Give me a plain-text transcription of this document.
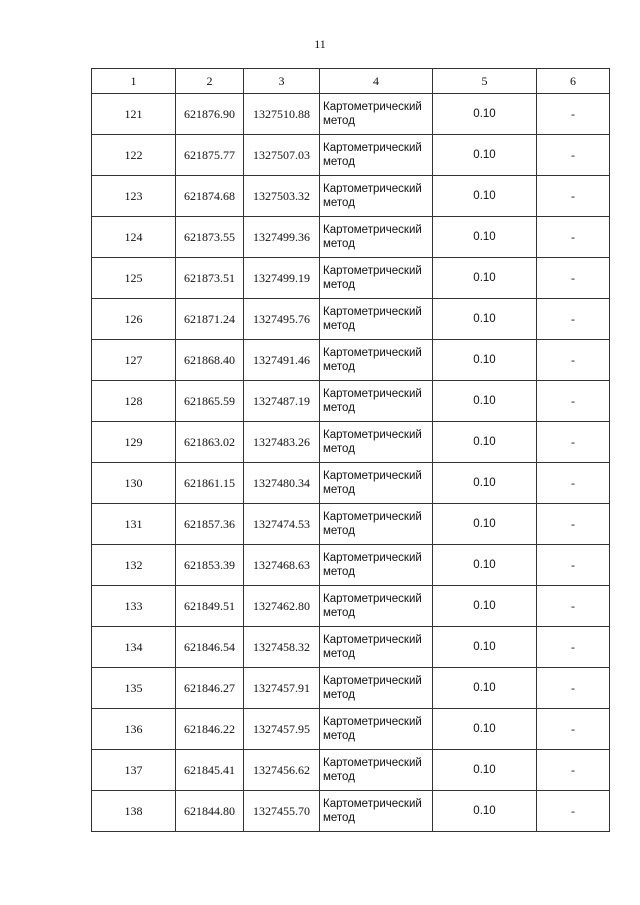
11
1	2	3	4	5	6
121	621876.90	1327510.88	Картометрический метод	0.10	-
122	621875.77	1327507.03	Картометрический метод	0.10	-
123	621874.68	1327503.32	Картометрический метод	0.10	-
124	621873.55	1327499.36	Картометрический метод	0.10	-
125	621873.51	1327499.19	Картометрический метод	0.10	-
126	621871.24	1327495.76	Картометрический метод	0.10	-
127	621868.40	1327491.46	Картометрический метод	0.10	-
128	621865.59	1327487.19	Картометрический метод	0.10	-
129	621863.02	1327483.26	Картометрический метод	0.10	-
130	621861.15	1327480.34	Картометрический метод	0.10	-
131	621857.36	1327474.53	Картометрический метод	0.10	-
132	621853.39	1327468.63	Картометрический метод	0.10	-
133	621849.51	1327462.80	Картометрический метод	0.10	-
134	621846.54	1327458.32	Картометрический метод	0.10	-
135	621846.27	1327457.91	Картометрический метод	0.10	-
136	621846.22	1327457.95	Картометрический метод	0.10	-
137	621845.41	1327456.62	Картометрический метод	0.10	-
138	621844.80	1327455.70	Картометрический метод	0.10	-
